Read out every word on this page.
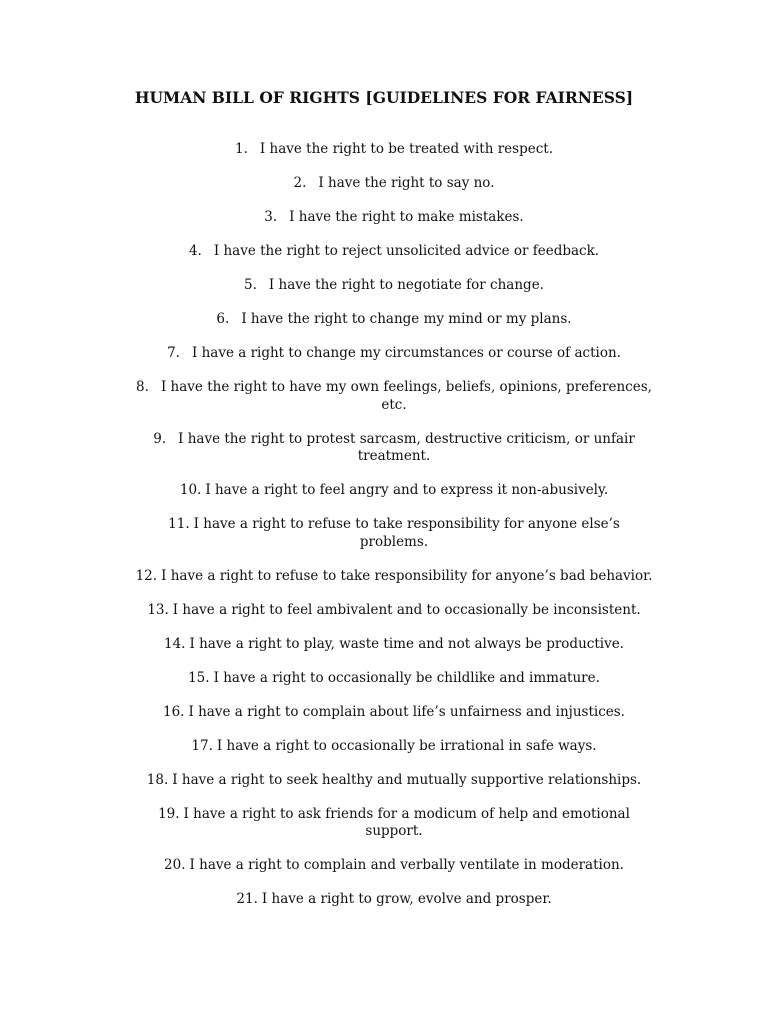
HUMAN BILL OF RIGHTS [GUIDELINES FOR FAIRNESS]
1. I have the right to be treated with respect.
2. I have the right to say no.
3. I have the right to make mistakes.
4. I have the right to reject unsolicited advice or feedback.
5. I have the right to negotiate for change.
6. I have the right to change my mind or my plans.
7. I have a right to change my circumstances or course of action.
8. I have the right to have my own feelings, beliefs, opinions, preferences, etc.
9. I have the right to protest sarcasm, destructive criticism, or unfair treatment.
10. I have a right to feel angry and to express it non-abusively.
11. I have a right to refuse to take responsibility for anyone else’s problems.
12. I have a right to refuse to take responsibility for anyone’s bad behavior.
13. I have a right to feel ambivalent and to occasionally be inconsistent.
14. I have a right to play, waste time and not always be productive.
15. I have a right to occasionally be childlike and immature.
16. I have a right to complain about life’s unfairness and injustices.
17. I have a right to occasionally be irrational in safe ways.
18. I have a right to seek healthy and mutually supportive relationships.
19. I have a right to ask friends for a modicum of help and emotional support.
20. I have a right to complain and verbally ventilate in moderation.
21. I have a right to grow, evolve and prosper.
